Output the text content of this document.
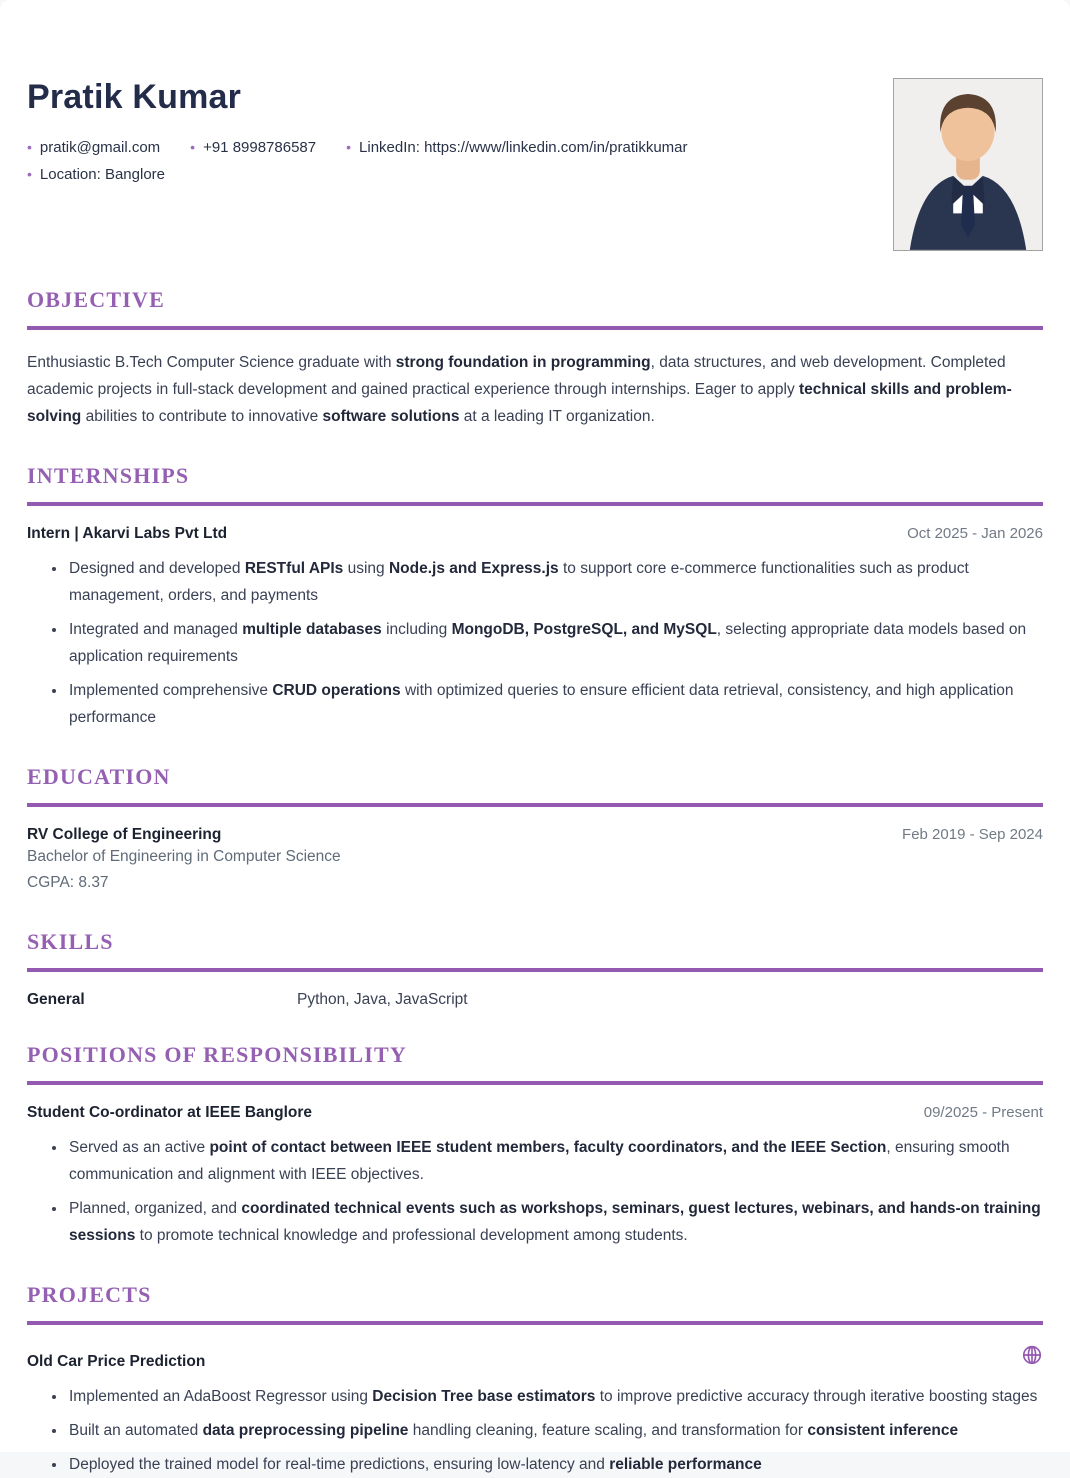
Pratik Kumar
• pratik@gmail.com • +91 8998786587 • LinkedIn: https://www/linkedin.com/in/pratikkumar
• Location: Banglore
OBJECTIVE

Enthusiastic B.Tech Computer Science graduate with strong foundation in programming, data structures, and web development. Completed academic projects in full-stack development and gained practical experience through internships. Eager to apply technical skills and problem-solving abilities to contribute to innovative software solutions at a leading IT organization.

INTERNSHIPS
Intern | Akarvi Labs Pvt Ltd	Oct 2025 - Jan 2026
• Designed and developed RESTful APIs using Node.js and Express.js to support core e-commerce functionalities such as product management, orders, and payments
• Integrated and managed multiple databases including MongoDB, PostgreSQL, and MySQL, selecting appropriate data models based on application requirements
• Implemented comprehensive CRUD operations with optimized queries to ensure efficient data retrieval, consistency, and high application performance
EDUCATION
RV College of Engineering	Feb 2019 - Sep 2024
Bachelor of Engineering in Computer Science
CGPA: 8.37
SKILLS
General	Python, Java, JavaScript
POSITIONS OF RESPONSIBILITY
Student Co-ordinator at IEEE Banglore	09/2025 - Present
• Served as an active point of contact between IEEE student members, faculty coordinators, and the IEEE Section, ensuring smooth communication and alignment with IEEE objectives.
• Planned, organized, and coordinated technical events such as workshops, seminars, guest lectures, webinars, and hands-on training sessions to promote technical knowledge and professional development among students.
PROJECTS
Old Car Price Prediction
• Implemented an AdaBoost Regressor using Decision Tree base estimators to improve predictive accuracy through iterative boosting stages
• Built an automated data preprocessing pipeline handling cleaning, feature scaling, and transformation for consistent inference
• Deployed the trained model for real-time predictions, ensuring low-latency and reliable performance
